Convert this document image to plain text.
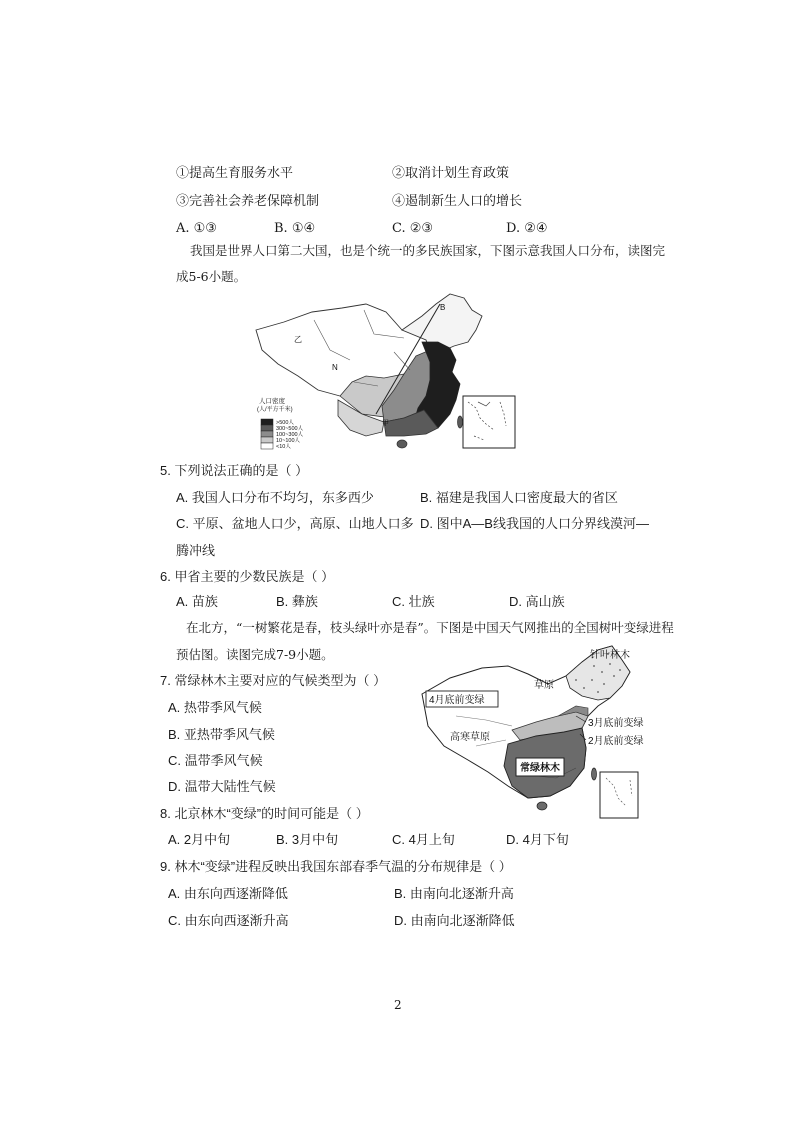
①提高生育服务水平	②取消计划生育政策
③完善社会养老保障机制	④遏制新生人口的增长
A. ①③	B. ①④	C. ②③	D. ②④
我国是世界人口第二大国，也是个统一的多民族国家，下图示意我国人口分布，读图完
成5-6小题。
乙
N
B
甲
人口密度
(人/平方千米)
>500人
300~500人
100~300人
10~100人
<10人
5. 下列说法正确的是（ ）
A. 我国人口分布不均匀，东多西少	B. 福建是我国人口密度最大的省区
C. 平原、盆地人口少，高原、山地人口多 D. 图中A—B线我国的人口分界线漠河—
腾冲线
6. 甲省主要的少数民族是（ ）
A. 苗族	B. 彝族	C. 壮族	D. 高山族
在北方，“一树繁花是春，枝头绿叶亦是春”。下图是中国天气网推出的全国树叶变绿进程
预估图。读图完成7-9小题。	针叶林木
草原
4月底前变绿
高寒草原
3月底前变绿
2月底前变绿
常绿林木
7. 常绿林木主要对应的气候类型为（ ）
A. 热带季风气候
B. 亚热带季风气候
C. 温带季风气候
D. 温带大陆性气候
8. 北京林木“变绿”的时间可能是（ ）
A. 2月中旬	B. 3月中旬	C. 4月上旬	D. 4月下旬
9. 林木“变绿”进程反映出我国东部春季气温的分布规律是（ ）
A. 由东向西逐渐降低	B. 由南向北逐渐升高
C. 由东向西逐渐升高	D. 由南向北逐渐降低
2
